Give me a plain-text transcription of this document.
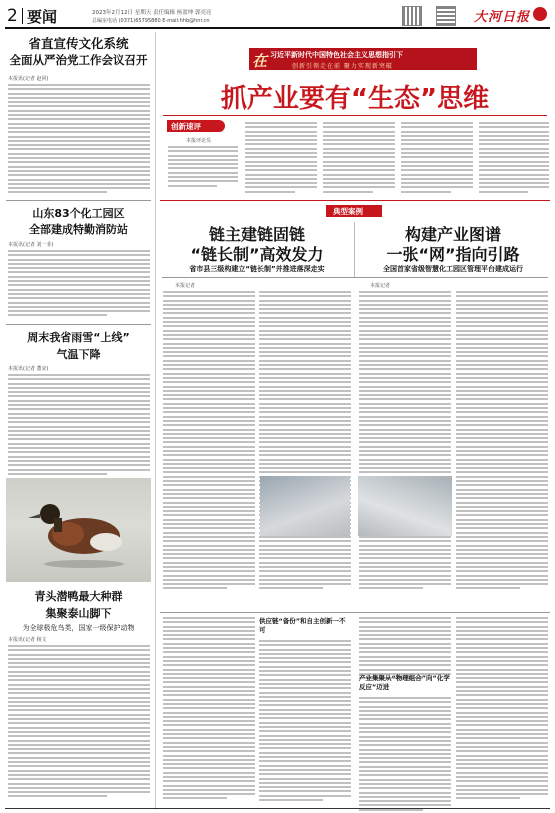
2 要闻	2023年2月12日 星期天 责任编辑 杨盈坤 郭亮亮
总编室电话 (0371)65795880 E-mail:hhb@hnr.cn	大河日报
省直宣传文化系统
全面从严治党工作会议召开
本报讯(记者 赵同)
山东83个化工园区
全部建成特勤消防站
本报讯(记者 刘一菲)
周末我省雨雪“上线”
气温下降
本报讯(记者 董宋)
青头潜鸭最大种群
集聚泰山脚下
为全球极危鸟类，国家一级保护动物
本报讯(记者 杨文
在 习近平新时代中国特色社会主义思想指引下
创新引领走在前 聚力实现新突破
抓产业要有“生态”思维
创新速评
本报评论员
典型案例
链主建链固链
“链长制”高效发力
省市县三级构建立“链长制”并推进落深走实
构建产业图谱
一张“网”指向引路
全国首家省级智慧化工园区管理平台建成运行
本报记者	本报记者
供应链“备份”和自主创新一不可
产业集聚从“物理组合”向“化学反应”迈进
